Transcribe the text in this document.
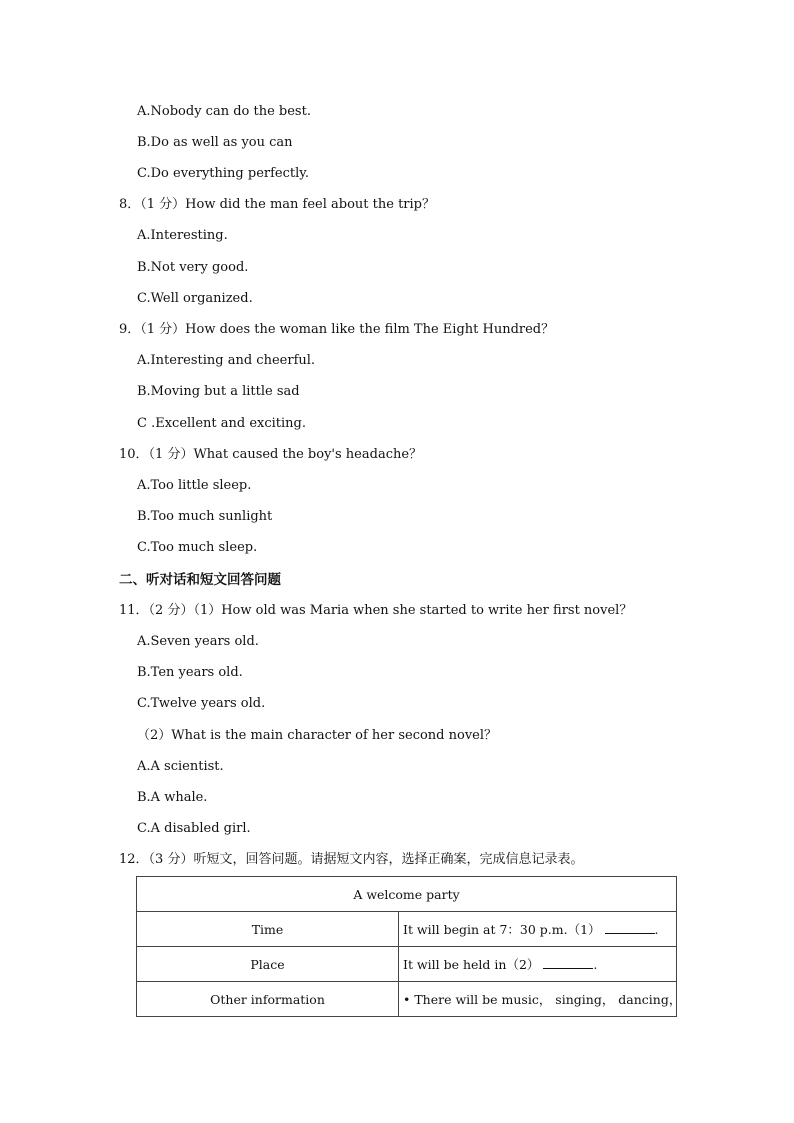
A.Nobody can do the best.
B.Do as well as you can
C.Do everything perfectly.
8．（1 分）How did the man feel about the trip？
A.Interesting.
B.Not very good.
C.Well organized.
9．（1 分）How does the woman like the film The Eight Hundred？
A.Interesting and cheerful.
B.Moving but a little sad
C .Excellent and exciting.
10．（1 分）What caused the boy's headache？
A.Too little sleep.
B.Too much sunlight
C.Too much sleep.
二、听对话和短文回答问题
11．（2 分）（1）How old was Maria when she started to write her first novel？
A.Seven years old.
B.Ten years old.
C.Twelve years old.
（2）What is the main character of her second novel？
A.A scientist.
B.A whale.
C.A disabled girl.
12．（3 分）听短文，回答问题。请据短文内容，选择正确案，完成信息记录表。
A welcome party	
Time	It will begin at 7：30 p.m.（1） .
Place	It will be held in（2） .
Other information	• There will be music， singing， dancing，
